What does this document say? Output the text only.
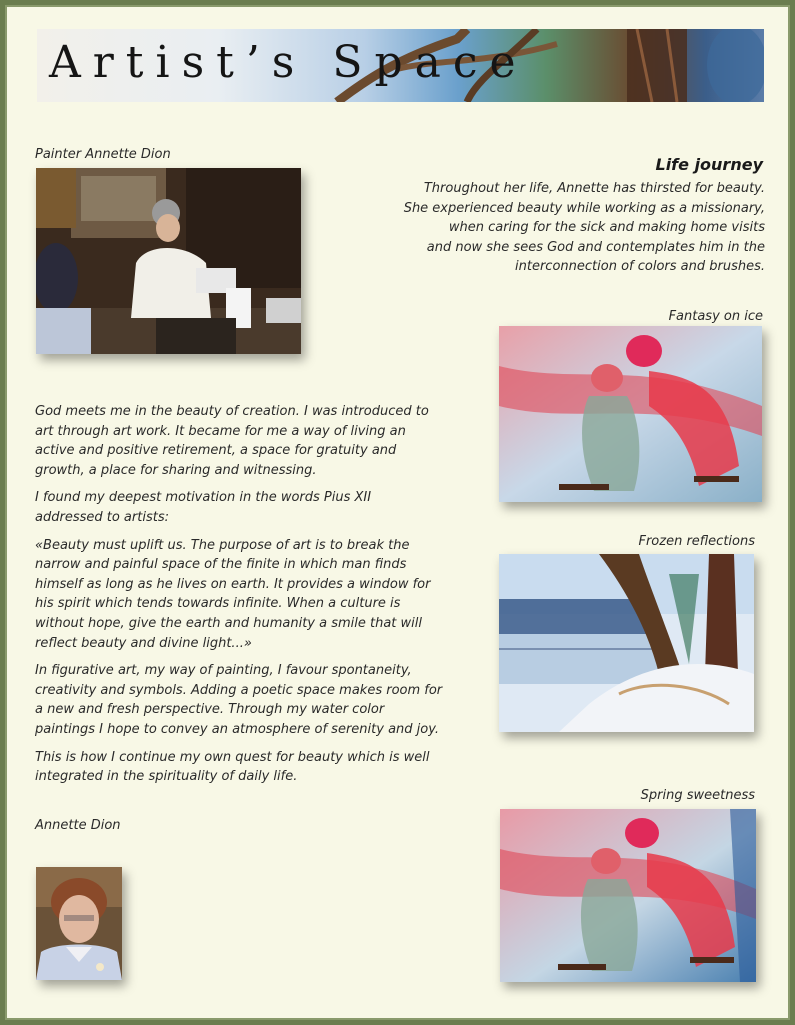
Artist’s Space
Painter Annette Dion
Life journey
Throughout her life, Annette has thirsted for beauty.
She experienced beauty while working as a missionary,
when caring for the sick and making home visits
and now she sees God and contemplates him in the
interconnection of colors and brushes.
Fantasy on ice
Frozen reflections
Spring sweetness

God meets me in the beauty of creation. I was introduced to
art through art work. It became for me a way of living an
active and positive retirement, a space for gratuity and
growth, a place for sharing and witnessing.

I found my deepest motivation in the words Pius XII
addressed to artists:

«Beauty must uplift us. The purpose of art is to break the
narrow and painful space of the finite in which man finds
himself as long as he lives on earth. It provides a window for
his spirit which tends towards infinite. When a culture is
without hope, give the earth and humanity a smile that will
reflect beauty and divine light...»

In figurative art, my way of painting, I favour spontaneity,
creativity and symbols. Adding a poetic space makes room for
a new and fresh perspective. Through my water color
paintings I hope to convey an atmosphere of serenity and joy.

This is how I continue my own quest for beauty which is well
integrated in the spirituality of daily life.

Annette Dion
